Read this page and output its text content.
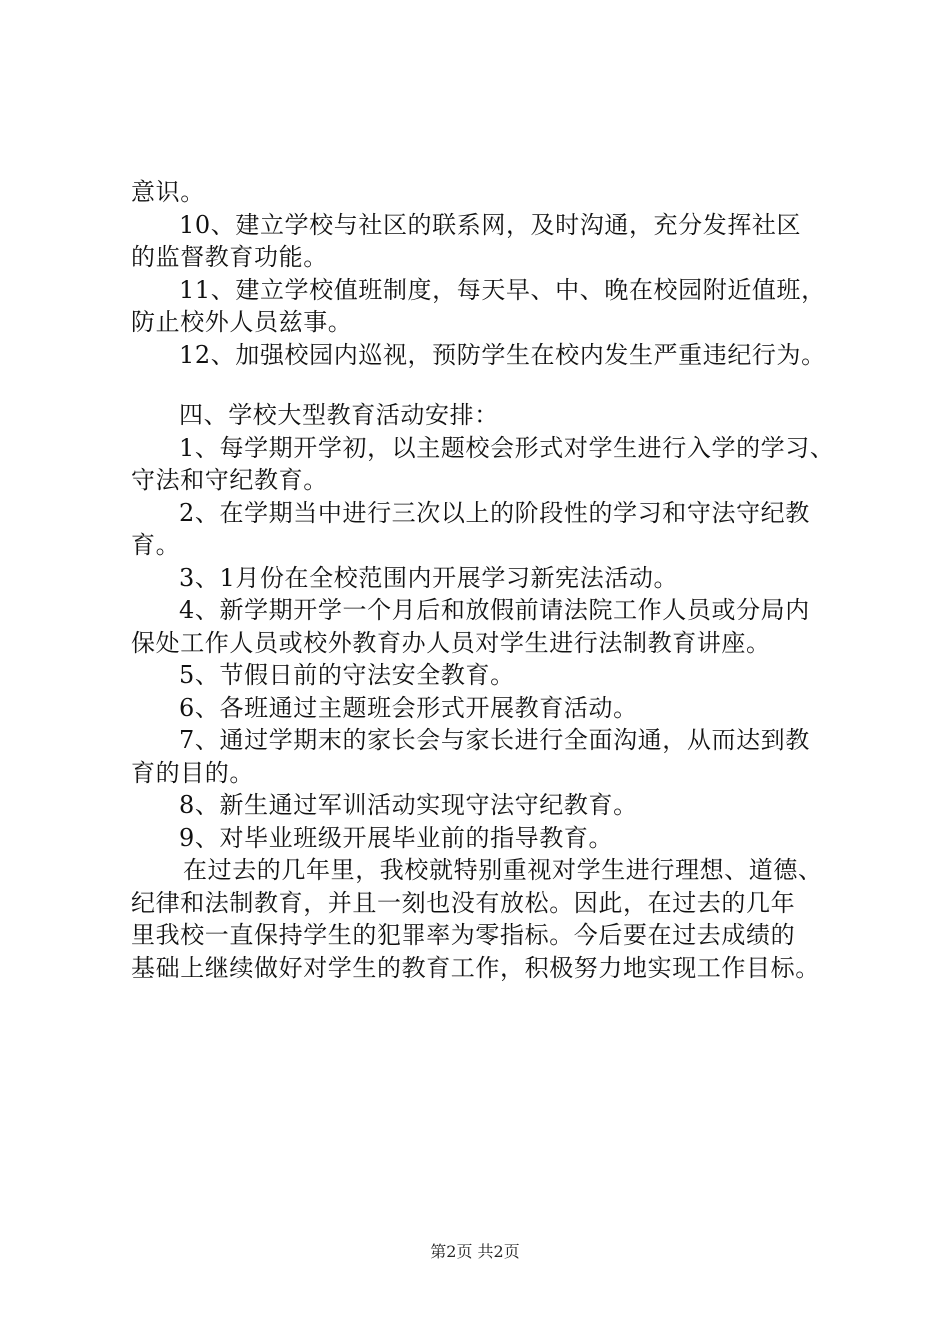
意识。
10、建立学校与社区的联系网，及时沟通，充分发挥社区
的监督教育功能。
11、建立学校值班制度，每天早、中、晚在校园附近值班，
防止校外人员兹事。
12、加强校园内巡视，预防学生在校内发生严重违纪行为。
四、学校大型教育活动安排：
1、每学期开学初，以主题校会形式对学生进行入学的学习、
守法和守纪教育。
2、在学期当中进行三次以上的阶段性的学习和守法守纪教
育。
3、1月份在全校范围内开展学习新宪法活动。
4、新学期开学一个月后和放假前请法院工作人员或分局内
保处工作人员或校外教育办人员对学生进行法制教育讲座。
5、节假日前的守法安全教育。
6、各班通过主题班会形式开展教育活动。
7、通过学期末的家长会与家长进行全面沟通，从而达到教
育的目的。
8、新生通过军训活动实现守法守纪教育。
9、对毕业班级开展毕业前的指导教育。
在过去的几年里，我校就特别重视对学生进行理想、道德、
纪律和法制教育，并且一刻也没有放松。因此，在过去的几年
里我校一直保持学生的犯罪率为零指标。今后要在过去成绩的
基础上继续做好对学生的教育工作，积极努力地实现工作目标。
第2页 共2页
